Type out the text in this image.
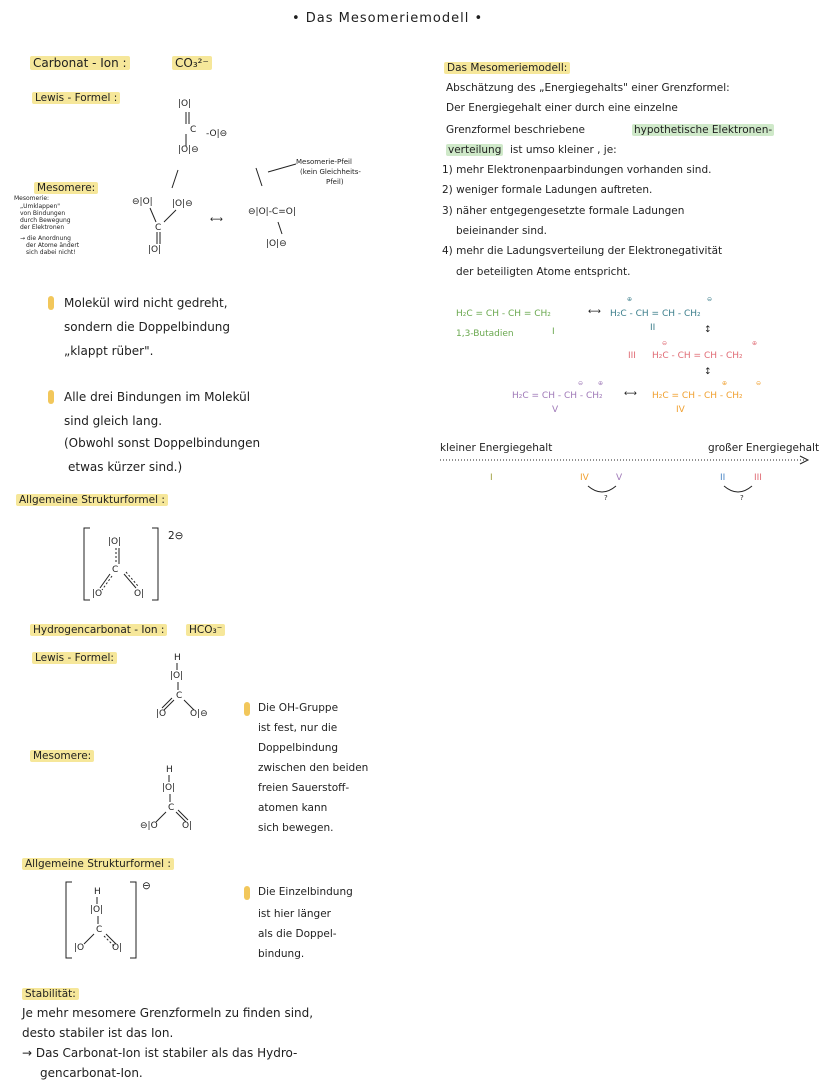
• Das Mesomeriemodell •
Carbonat - Ion :	CO₃²⁻
Lewis - Formel :	|O|
C -O|⊖
|O|⊖
Mesomere:
Mesomerie:
„Umklappen"
von Bindungen
durch Bewegung
der Elektronen
→ die Anordnung
der Atome ändert
sich dabei nicht!
Mesomerie-Pfeil
(kein Gleichheits-
Pfeil)
⊖|O| |O|⊖
C
|O|
⟷
⊖|O|-C=O|
|O|⊖
Molekül wird nicht gedreht,
sondern die Doppelbindung
„klappt rüber".
Alle drei Bindungen im Molekül
sind gleich lang.
(Obwohl sonst Doppelbindungen
etwas kürzer sind.)
Allgemeine Strukturformel :
|O|
C
|O	O|
2⊖
Hydrogencarbonat - Ion : HCO₃⁻
Lewis - Formel:	H
|O|
C
|O	O|⊖
Mesomere:
H
|O|
C
⊖|O	O|
Die OH-Gruppe
ist fest, nur die
Doppelbindung
zwischen den beiden
freien Sauerstoff-
atomen kann
sich bewegen.
Allgemeine Strukturformel :
H
|O|
C
|O	O|
⊖	Die Einzelbindung
ist hier länger
als die Doppel-
bindung.
Stabilität:
Je mehr mesomere Grenzformeln zu finden sind,
desto stabiler ist das Ion.
→ Das Carbonat-Ion ist stabiler als das Hydro-
gencarbonat-Ion.
Das Mesomeriemodell:
Abschätzung des „Energiegehalts" einer Grenzformel:
Der Energiegehalt einer durch eine einzelne
Grenzformel beschriebene	hypothetische Elektronen-
verteilung ist umso kleiner , je:
1) mehr Elektronenpaarbindungen vorhanden sind.
2) weniger formale Ladungen auftreten.
3) näher entgegengesetzte formale Ladungen
beieinander sind.
4) mehr die Ladungsverteilung der Elektronegativität
der beteiligten Atome entspricht.
H₂C = CH - CH = CH₂
1,3-Butadien	I
⟷
⊕	⊖
H₂C - CH = CH - CH₂
II	↕
⊖	⊕
III H₂C - CH = CH - CH₂
↕
⊖ ⊕
H₂C = CH - CH - CH₂
V
⟷
⊕	⊖
H₂C = CH - CH - CH₂
IV
kleiner Energiegehalt	großer Energiegehalt
I	IV	V	II	III
?	?
